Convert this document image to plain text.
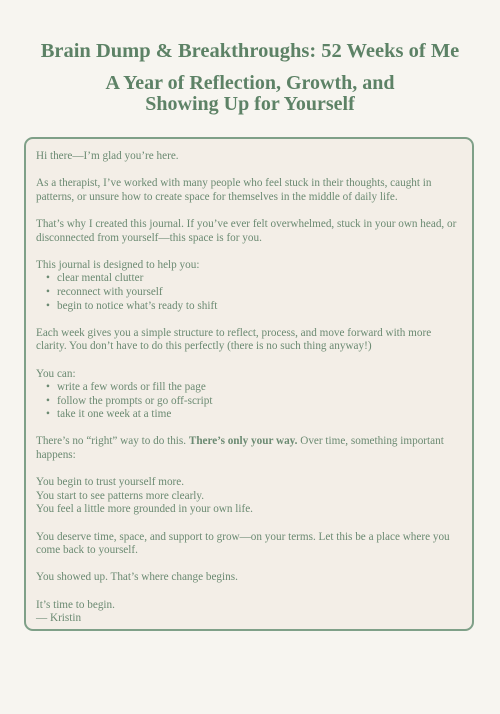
Brain Dump & Breakthroughs: 52 Weeks of Me
A Year of Reflection, Growth, and
Showing Up for Yourself

Hi there—I’m glad you’re here.

As a therapist, I’ve worked with many people who feel stuck in their thoughts, caught in patterns, or unsure how to create space for themselves in the middle of daily life.

That’s why I created this journal. If you’ve ever felt overwhelmed, stuck in your own head, or disconnected from yourself—this space is for you.

This journal is designed to help you:

• clear mental clutter
• reconnect with yourself
• begin to notice what’s ready to shift

Each week gives you a simple structure to reflect, process, and move forward with more clarity. You don’t have to do this perfectly (there is no such thing anyway!)

You can:

• write a few words or fill the page
• follow the prompts or go off-script
• take it one week at a time

There’s no “right” way to do this. There’s only your way. Over time, something important happens:

You begin to trust yourself more.
You start to see patterns more clearly.
You feel a little more grounded in your own life.

You deserve time, space, and support to grow—on your terms. Let this be a place where you come back to yourself.

You showed up. That’s where change begins.

It’s time to begin.
— Kristin
